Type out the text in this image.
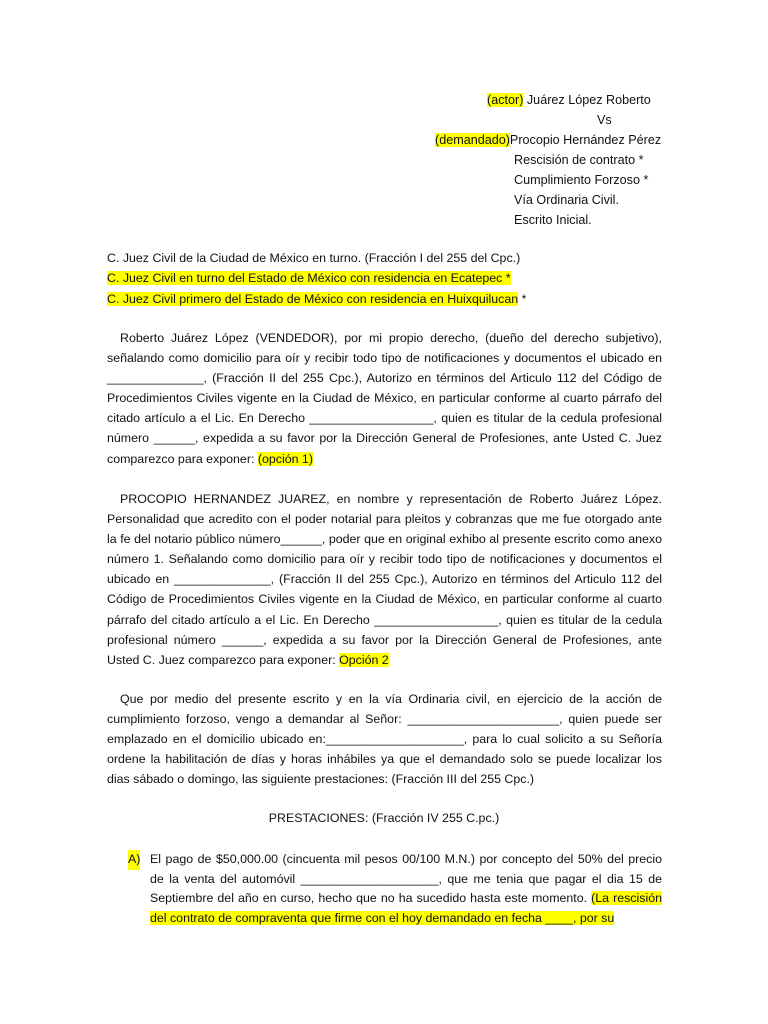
(actor) Juárez López Roberto
Vs
(demandado)Procopio Hernández Pérez
Rescisión de contrato *
Cumplimiento Forzoso *
Vía Ordinaria Civil.
Escrito Inicial.
C. Juez Civil de la Ciudad de México en turno. (Fracción I del 255 del Cpc.)
C. Juez Civil en turno del Estado de México con residencia en Ecatepec *
C. Juez Civil primero del Estado de México con residencia en Huixquilucan *
Roberto Juárez López (VENDEDOR), por mi propio derecho, (dueño del derecho subjetivo), señalando como domicilio para oír y recibir todo tipo de notificaciones y documentos el ubicado en ______________, (Fracción II del 255 Cpc.), Autorizo en términos del Articulo 112 del Código de Procedimientos Civiles vigente en la Ciudad de México, en particular conforme al cuarto párrafo del citado artículo a el Lic. En Derecho __________________, quien es titular de la cedula profesional número ______, expedida a su favor por la Dirección General de Profesiones, ante Usted C. Juez comparezco para exponer: (opción 1)
PROCOPIO HERNANDEZ JUAREZ, en nombre y representación de Roberto Juárez López. Personalidad que acredito con el poder notarial para pleitos y cobranzas que me fue otorgado ante la fe del notario público número______, poder que en original exhibo al presente escrito como anexo número 1. Señalando como domicilio para oír y recibir todo tipo de notificaciones y documentos el ubicado en ______________, (Fracción II del 255 Cpc.), Autorizo en términos del Articulo 112 del Código de Procedimientos Civiles vigente en la Ciudad de México, en particular conforme al cuarto párrafo del citado artículo a el Lic. En Derecho __________________, quien es titular de la cedula profesional número ______, expedida a su favor por la Dirección General de Profesiones, ante Usted C. Juez comparezco para exponer: Opción 2
Que por medio del presente escrito y en la vía Ordinaria civil, en ejercicio de la acción de cumplimiento forzoso, vengo a demandar al Señor: ______________________, quien puede ser emplazado en el domicilio ubicado en:____________________, para lo cual solicito a su Señoría ordene la habilitación de días y horas inhábiles ya que el demandado solo se puede localizar los dias sábado o domingo, las siguiente prestaciones: (Fracción III del 255 Cpc.)
PRESTACIONES: (Fracción IV 255 C.pc.)
A) El pago de $50,000.00 (cincuenta mil pesos 00/100 M.N.) por concepto del 50% del precio de la venta del automóvil ____________________, que me tenia que pagar el dia 15 de Septiembre del año en curso, hecho que no ha sucedido hasta este momento. (La rescisión del contrato de compraventa que firme con el hoy demandado en fecha ____, por su
